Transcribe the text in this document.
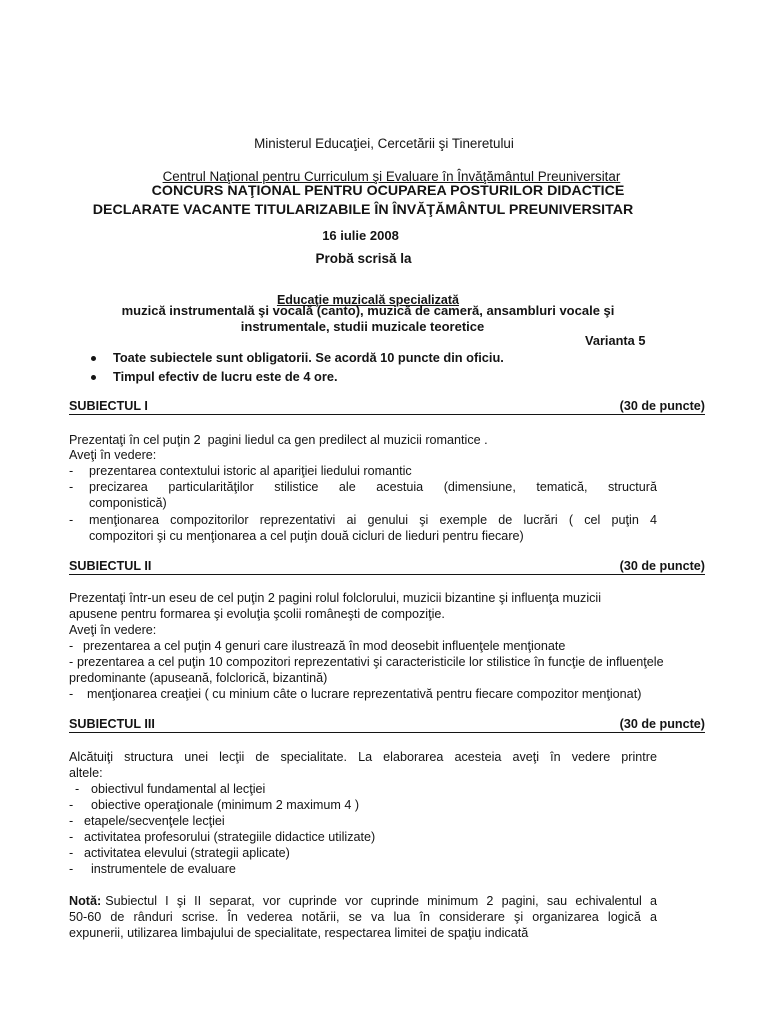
Ministerul Educaţiei, Cercetării şi Tineretului

Centrul Naţional pentru Curriculum şi Evaluare în Învăţământul Preuniversitar

CONCURS NAŢIONAL PENTRU OCUPAREA POSTURILOR DIDACTICE
DECLARATE VACANTE TITULARIZABILE ÎN ÎNVĂŢĂMÂNTUL PREUNIVERSITAR
16 iulie 2008
Probă scrisă la

Educaţie muzicală specializată

muzică instrumentală şi vocală (canto), muzică de cameră, ansambluri vocale şi
instrumentale, studii muzicale teoretice
Varianta 5
Toate subiectele sunt obligatorii. Se acordă 10 puncte din oficiu.
Timpul efectiv de lucru este de 4 ore.
SUBIECTUL I	(30 de puncte)
Prezentaţi în cel puţin 2  pagini liedul ca gen predilect al muzicii romantice .
Aveţi în vedere:
- prezentarea contextului istoric al apariţiei liedului romantic
- precizarea particularităţilor stilistice ale acestuia (dimensiune, tematică, structură
componistică)
- menţionarea compozitorilor reprezentativi ai genului şi exemple de lucrări ( cel puţin 4
compozitori şi cu menţionarea a cel puţin două cicluri de lieduri pentru fiecare)
SUBIECTUL II	(30 de puncte)
Prezentaţi într-un eseu de cel puţin 2 pagini rolul folclorului, muzicii bizantine şi influenţa muzicii
apusene pentru formarea şi evoluţia şcolii româneşti de compoziţie.
Aveţi în vedere:
- prezentarea a cel puţin 4 genuri care ilustrează în mod deosebit influenţele menţionate
- prezentarea a cel puţin 10 compozitori reprezentativi şi caracteristicile lor stilistice în funcţie de influenţele
predominante (apuseană, folclorică, bizantină)
- menţionarea creaţiei ( cu minium câte o lucrare reprezentativă pentru fiecare compozitor menţionat)
SUBIECTUL III	(30 de puncte)
Alcătuiţi structura unei lecţii de specialitate. La elaborarea acesteia aveţi în vedere printre
altele:
- obiectivul fundamental al lecţiei
- obiective operaţionale (minimum 2 maximum 4 )
- etapele/secvenţele lecţiei
- activitatea profesorului (strategiile didactice utilizate)
- activitatea elevului (strategii aplicate)
- instrumentele de evaluare
Notă: Subiectul I şi II separat, vor cuprinde vor cuprinde minimum 2 pagini, sau echivalentul a
50-60 de rânduri scrise. În vederea notării, se va lua în considerare şi organizarea logică a
expunerii, utilizarea limbajului de specialitate, respectarea limitei de spaţiu indicată
